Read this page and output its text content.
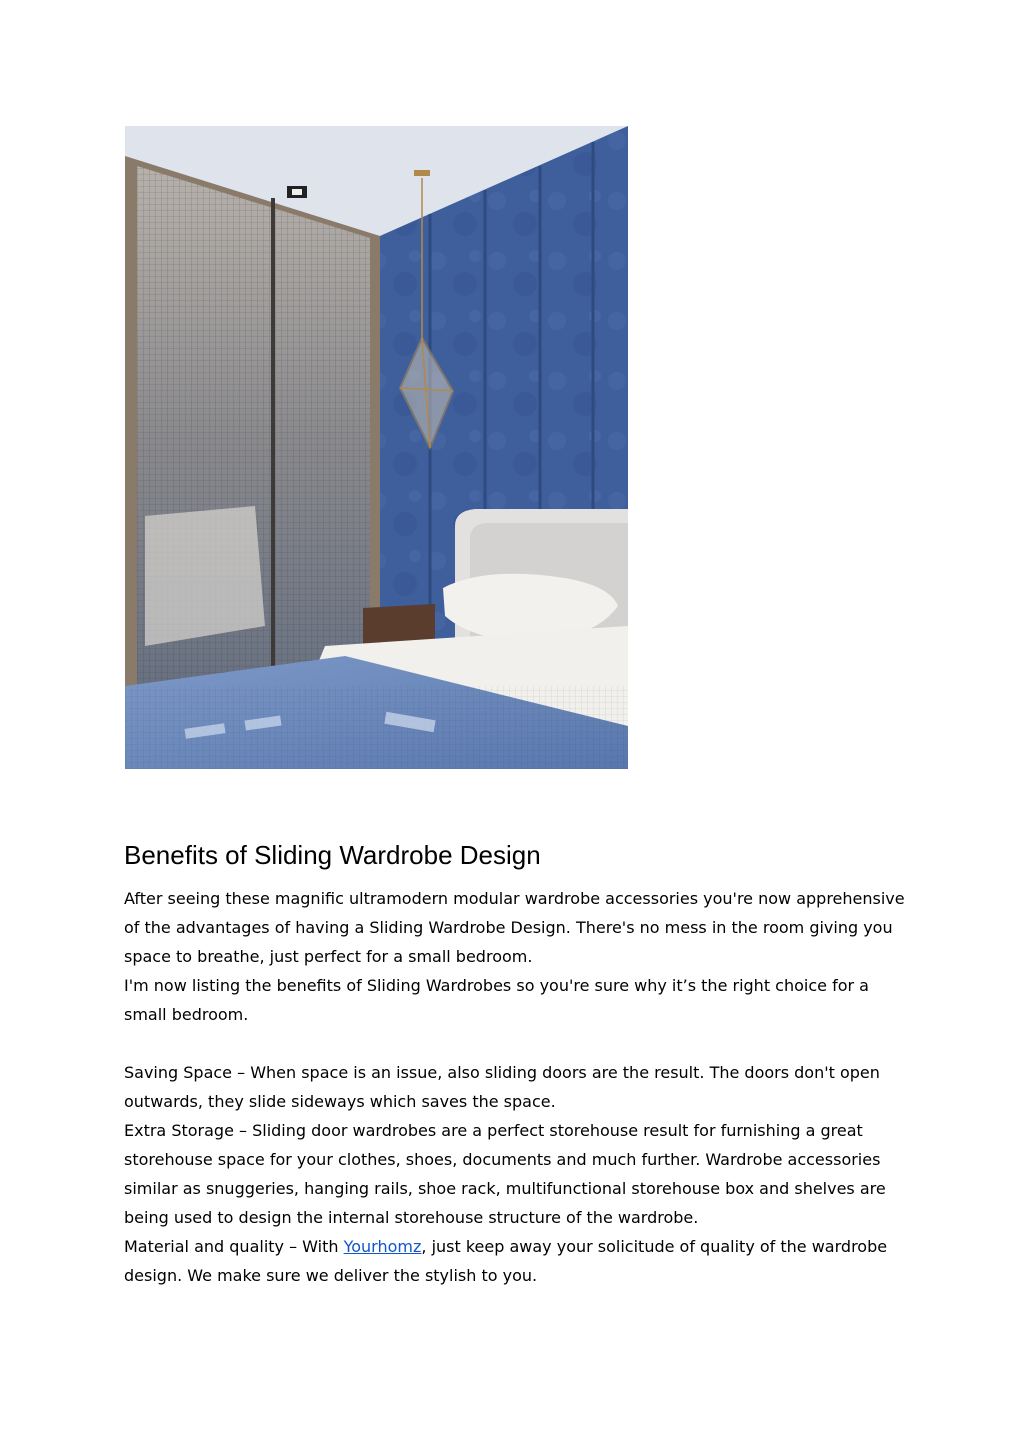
Benefits of Sliding Wardrobe Design

After seeing these magnific ultramodern modular wardrobe accessories you're now apprehensive of the advantages of having a Sliding Wardrobe Design. There's no mess in the room giving you space to breathe, just perfect for a small bedroom.

I'm now listing the benefits of Sliding Wardrobes so you're sure why it’s the right choice for a small bedroom.

Saving Space – When space is an issue, also sliding doors are the result. The doors don't open outwards, they slide sideways which saves the space.

Extra Storage – Sliding door wardrobes are a perfect storehouse result for furnishing a great storehouse space for your clothes, shoes, documents and much further. Wardrobe accessories similar as snuggeries, hanging rails, shoe rack, multifunctional storehouse box and shelves are being used to design the internal storehouse structure of the wardrobe.

Material and quality – With Yourhomz, just keep away your solicitude of quality of the wardrobe design. We make sure we deliver the stylish to you.
